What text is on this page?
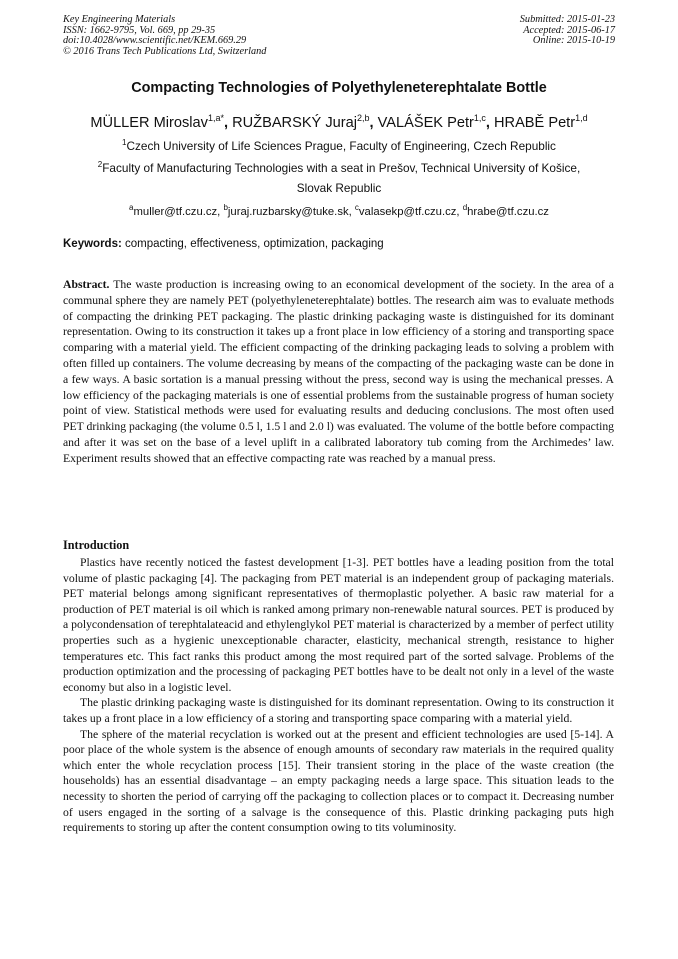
Key Engineering Materials
ISSN: 1662-9795, Vol. 669, pp 29-35
doi:10.4028/www.scientific.net/KEM.669.29
© 2016 Trans Tech Publications Ltd, Switzerland
Submitted: 2015-01-23
Accepted: 2015-06-17
Online: 2015-10-19
Compacting Technologies of Polyethyleneterephtalate Bottle
MÜLLER Miroslav$^{1,a*}$, RUŽBARSKÝ Juraj$^{2,b}$, VALÁŠEK Petr$^{1,c}$, HRABĚ Petr$^{1,d}$
$^1$Czech University of Life Sciences Prague, Faculty of Engineering, Czech Republic
$^2$Faculty of Manufacturing Technologies with a seat in Prešov, Technical University of Košice,
Slovak Republic
$^a$muller@tf.czu.cz, $^b$juraj.ruzbarsky@tuke.sk, $^c$valasekp@tf.czu.cz, $^d$hrabe@tf.czu.cz
Keywords: compacting, effectiveness, optimization, packaging

Abstract. The waste production is increasing owing to an economical development of the society. In the area of a communal sphere they are namely PET (polyethyleneterephtalate) bottles. The research aim was to evaluate methods of compacting the drinking PET packaging. The plastic drinking packaging waste is distinguished for its dominant representation. Owing to its construction it takes up a front place in low efficiency of a storing and transporting space comparing with a material yield. The efficient compacting of the drinking packaging leads to solving a problem with often filled up containers. The volume decreasing by means of the compacting of the packaging waste can be done in a few ways. A basic sortation is a manual pressing without the press, second way is using the mechanical presses. A low efficiency of the packaging materials is one of essential problems from the sustainable progress of human society point of view. Statistical methods were used for evaluating results and deducing conclusions. The most often used PET drinking packaging (the volume 0.5 l, 1.5 l and 2.0 l) was evaluated. The volume of the bottle before compacting and after it was set on the base of a level uplift in a calibrated laboratory tub coming from the Archimedes’ law. Experiment results showed that an effective compacting rate was reached by a manual press.

Introduction

Plastics have recently noticed the fastest development [1-3]. PET bottles have a leading position from the total volume of plastic packaging [4]. The packaging from PET material is an independent group of packaging materials. PET material belongs among significant representatives of thermoplastic polyether. A basic raw material for a production of PET material is oil which is ranked among primary non-renewable natural sources. PET is produced by a polycondensation of terephtalateacid and ethylenglykol PET material is characterized by a member of perfect utility properties such as a hygienic unexceptionable character, elasticity, mechanical strength, resistance to higher temperatures etc. This fact ranks this product among the most required part of the sorted salvage. Problems of the production optimization and the processing of packaging PET bottles have to be dealt not only in a level of the waste economy but also in a logistic level.

The plastic drinking packaging waste is distinguished for its dominant representation. Owing to its construction it takes up a front place in a low efficiency of a storing and transporting space comparing with a material yield.

The sphere of the material recyclation is worked out at the present and efficient technologies are used [5-14]. A poor place of the whole system is the absence of enough amounts of secondary raw materials in the required quality which enter the whole recyclation process [15]. Their transient storing in the place of the waste creation (the households) has an essential disadvantage – an empty packaging needs a large space. This situation leads to the necessity to shorten the period of carrying off the packaging to collection places or to compact it. Decreasing number of users engaged in the sorting of a salvage is the consequence of this. Plastic drinking packaging puts high requirements to storing up after the content consumption owing to tits voluminosity.
